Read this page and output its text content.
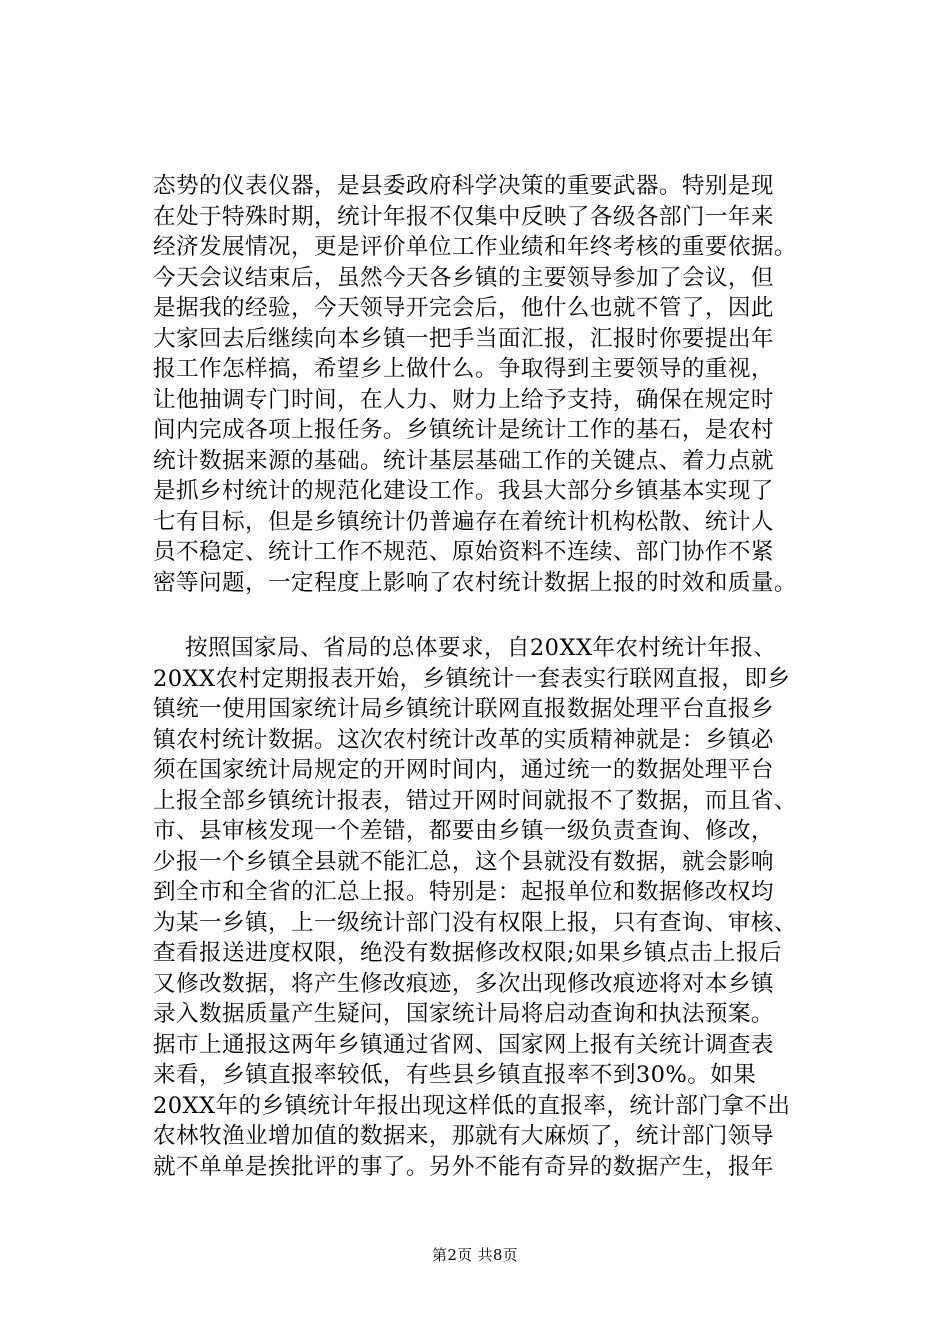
态势的仪表仪器，是县委政府科学决策的重要武器。特别是现
在处于特殊时期，统计年报不仅集中反映了各级各部门一年来
经济发展情况，更是评价单位工作业绩和年终考核的重要依据。
今天会议结束后，虽然今天各乡镇的主要领导参加了会议，但
是据我的经验，今天领导开完会后，他什么也就不管了，因此
大家回去后继续向本乡镇一把手当面汇报，汇报时你要提出年
报工作怎样搞，希望乡上做什么。争取得到主要领导的重视，
让他抽调专门时间，在人力、财力上给予支持，确保在规定时
间内完成各项上报任务。乡镇统计是统计工作的基石，是农村
统计数据来源的基础。统计基层基础工作的关键点、着力点就
是抓乡村统计的规范化建设工作。我县大部分乡镇基本实现了
七有目标，但是乡镇统计仍普遍存在着统计机构松散、统计人
员不稳定、统计工作不规范、原始资料不连续、部门协作不紧
密等问题，一定程度上影响了农村统计数据上报的时效和质量。
按照国家局、省局的总体要求，自20XX年农村统计年报、
20XX农村定期报表开始，乡镇统计一套表实行联网直报，即乡
镇统一使用国家统计局乡镇统计联网直报数据处理平台直报乡
镇农村统计数据。这次农村统计改革的实质精神就是：乡镇必
须在国家统计局规定的开网时间内，通过统一的数据处理平台
上报全部乡镇统计报表，错过开网时间就报不了数据，而且省、
市、县审核发现一个差错，都要由乡镇一级负责查询、修改，
少报一个乡镇全县就不能汇总，这个县就没有数据，就会影响
到全市和全省的汇总上报。特别是：起报单位和数据修改权均
为某一乡镇，上一级统计部门没有权限上报，只有查询、审核、
查看报送进度权限，绝没有数据修改权限;如果乡镇点击上报后
又修改数据，将产生修改痕迹，多次出现修改痕迹将对本乡镇
录入数据质量产生疑问，国家统计局将启动查询和执法预案。
据市上通报这两年乡镇通过省网、国家网上报有关统计调查表
来看，乡镇直报率较低，有些县乡镇直报率不到30%。如果
20XX年的乡镇统计年报出现这样低的直报率，统计部门拿不出
农林牧渔业增加值的数据来，那就有大麻烦了，统计部门领导
就不单单是挨批评的事了。另外不能有奇异的数据产生，报年
第2页 共8页
